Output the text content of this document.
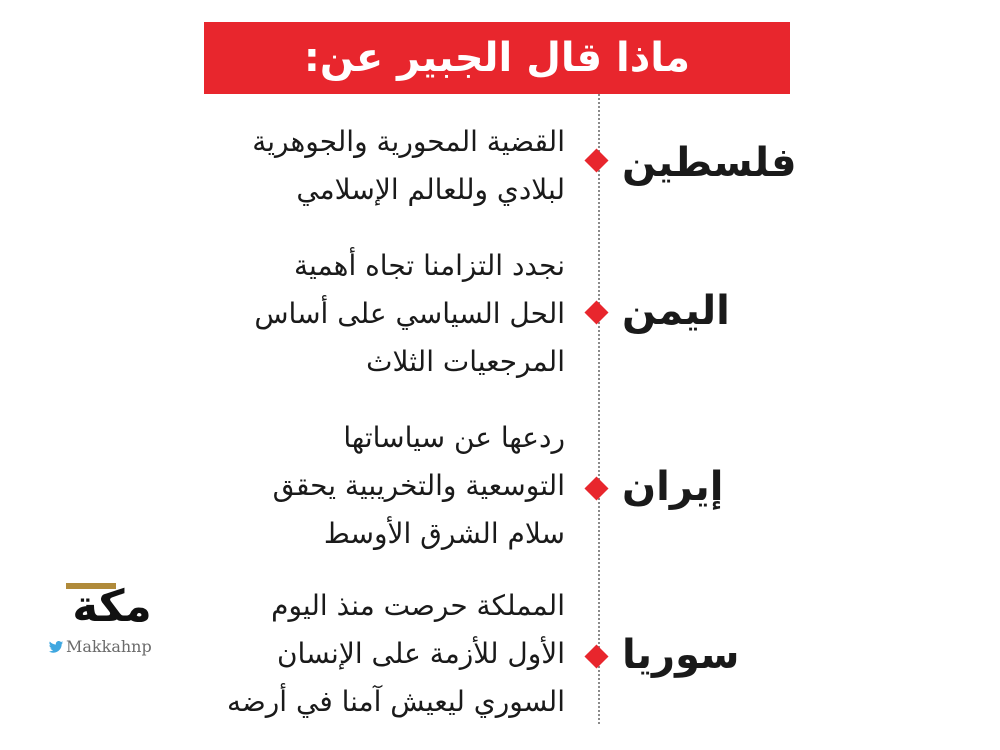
ماذا قال الجبير عن:
فلسطين
القضية المحورية والجوهرية
لبلادي وللعالم الإسلامي
اليمن
نجدد التزامنا تجاه أهمية
الحل السياسي على أساس
المرجعيات الثلاث
إيران
ردعها عن سياساتها
التوسعية والتخريبية يحقق
سلام الشرق الأوسط
سوريا
المملكة حرصت منذ اليوم
الأول للأزمة على الإنسان
السوري ليعيش آمنا في أرضه
مكة
Makkahnp
